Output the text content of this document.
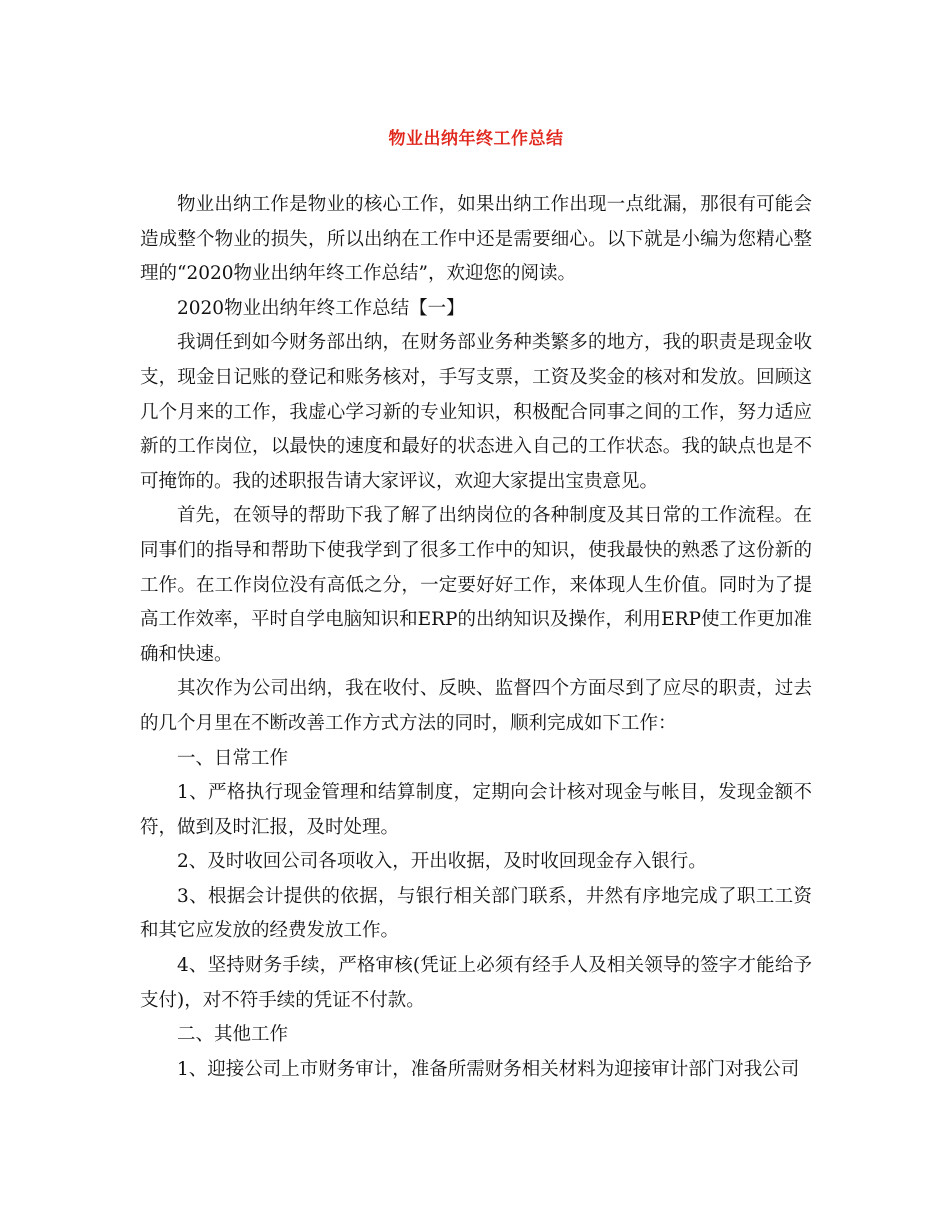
物业出纳年终工作总结

物业出纳工作是物业的核心工作，如果出纳工作出现一点纰漏，那很有可能会造成整个物业的损失，所以出纳在工作中还是需要细心。以下就是小编为您精心整理的“2020物业出纳年终工作总结”，欢迎您的阅读。

2020物业出纳年终工作总结【一】

我调任到如今财务部出纳，在财务部业务种类繁多的地方，我的职责是现金收支，现金日记账的登记和账务核对，手写支票，工资及奖金的核对和发放。回顾这几个月来的工作，我虚心学习新的专业知识，积极配合同事之间的工作，努力适应新的工作岗位，以最快的速度和最好的状态进入自己的工作状态。我的缺点也是不可掩饰的。我的述职报告请大家评议，欢迎大家提出宝贵意见。

首先，在领导的帮助下我了解了出纳岗位的各种制度及其日常的工作流程。在同事们的指导和帮助下使我学到了很多工作中的知识，使我最快的熟悉了这份新的工作。在工作岗位没有高低之分，一定要好好工作，来体现人生价值。同时为了提高工作效率，平时自学电脑知识和ERP的出纳知识及操作，利用ERP使工作更加准确和快速。

其次作为公司出纳，我在收付、反映、监督四个方面尽到了应尽的职责，过去的几个月里在不断改善工作方式方法的同时，顺利完成如下工作：

一、日常工作

1、严格执行现金管理和结算制度，定期向会计核对现金与帐目，发现金额不符，做到及时汇报，及时处理。

2、及时收回公司各项收入，开出收据，及时收回现金存入银行。

3、根据会计提供的依据，与银行相关部门联系，井然有序地完成了职工工资和其它应发放的经费发放工作。

4、坚持财务手续，严格审核(凭证上必须有经手人及相关领导的签字才能给予支付)，对不符手续的凭证不付款。

二、其他工作

1、迎接公司上市财务审计，准备所需财务相关材料为迎接审计部门对我公司
